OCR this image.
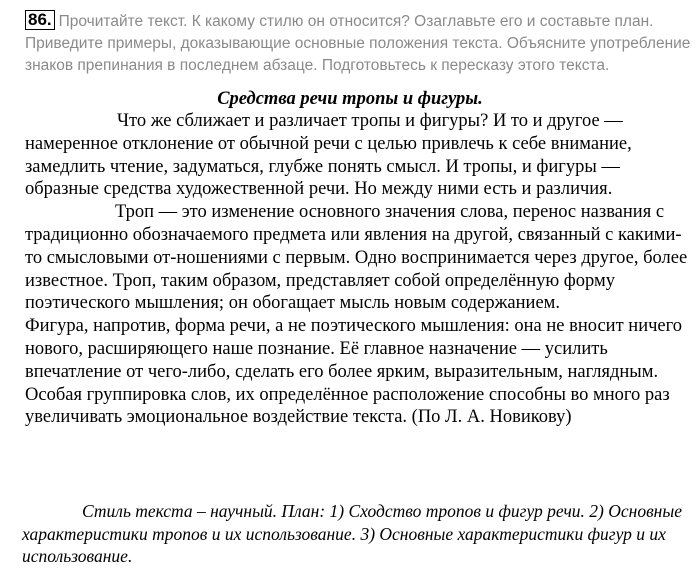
86. Прочитайте текст. К какому стилю он относится? Озаглавьте его и составьте план. Приведите примеры, доказывающие основные положения текста. Объясните употребление знаков препинания в последнем абзаце. Подготовьтесь к пересказу этого текста.

Средства речи тропы и фигуры.

Что же сближает и различает тропы и фигуры? И то и другое — намеренное отклонение от обычной речи с целью привлечь к себе внимание, замедлить чтение, задуматься, глубже понять смысл. И тропы, и фигуры — образные средства художественной речи. Но между ними есть и различия.

Троп — это изменение основного значения слова, перенос названия с традиционно обозначаемого предмета или явления на другой, связанный с какими-то смысловыми от-ношениями с первым. Одно воспринимается через другое, более известное. Троп, таким образом, представляет собой определённую форму поэтического мышления; он обогащает мысль новым содержанием.

Фигура, напротив, форма речи, а не поэтического мышления: она не вносит ничего нового, расширяющего наше познание. Её главное назначение — усилить впечатление от чего-либо, сделать его более ярким, выразительным, наглядным. Особая группировка слов, их определённое расположение способны во много раз увеличивать эмоциональное воздействие текста. (По Л. А. Новикову)

Стиль текста – научный. План: 1) Сходство тропов и фигур речи. 2) Основные характеристики тропов и их использование. 3) Основные характеристики фигур и их использование.
